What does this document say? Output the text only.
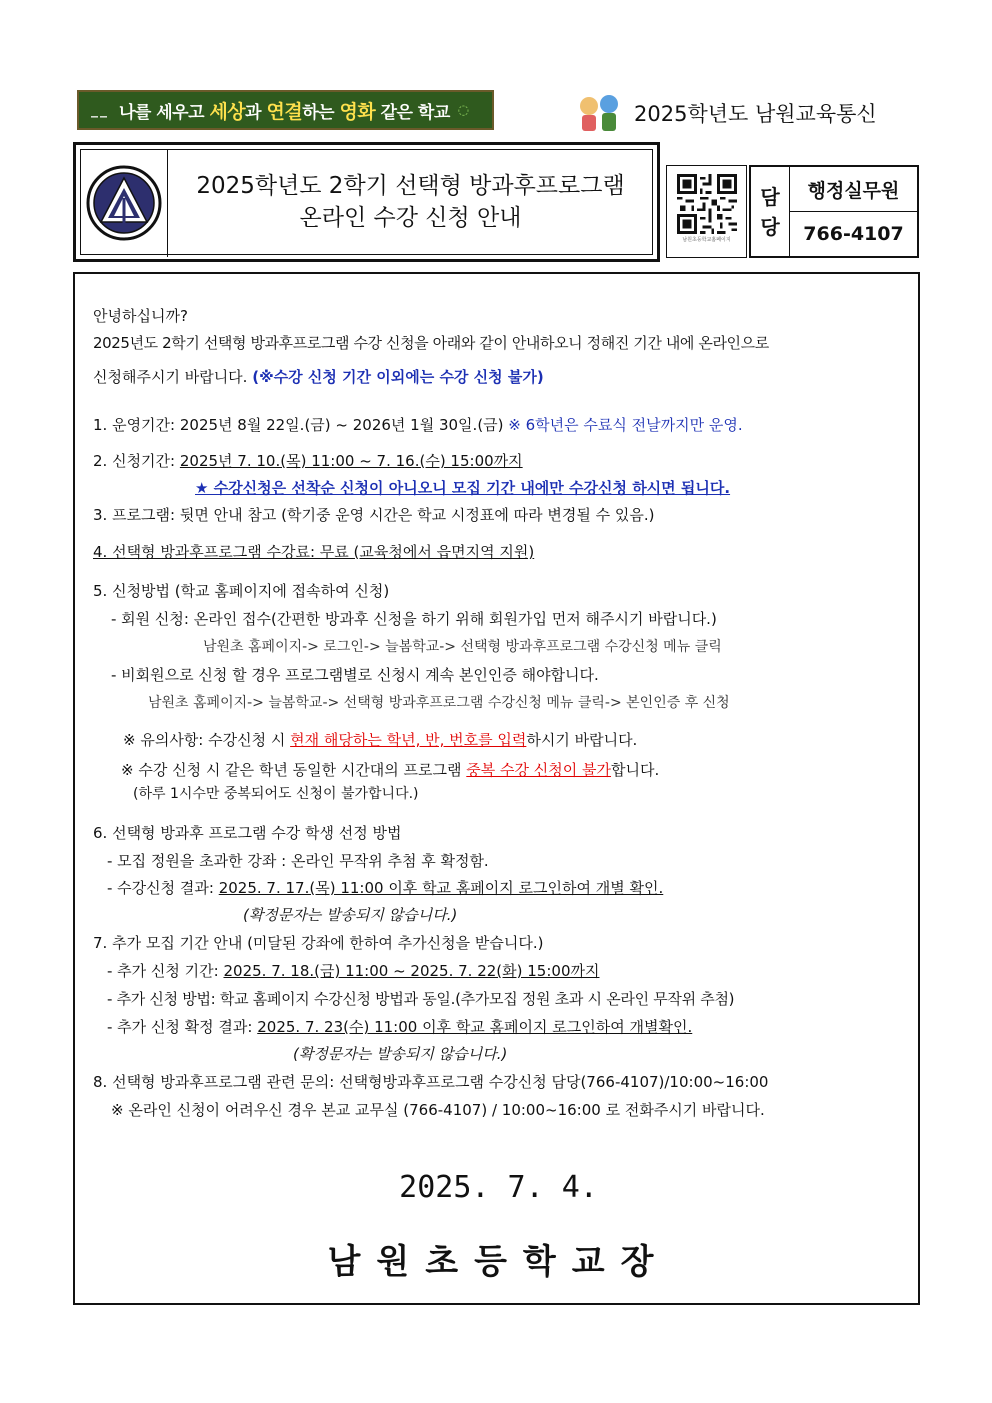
__ 나를 세우고 세상과 연결하는 영화 같은 학교 ◌	2025학년도 남원교육통신
2025학년도 2학기 선택형 방과후프로그램
온라인 수강 신청 안내
남원초등학교홈페이지
담
당
행정실무원
766-4107
안녕하십니까?
2025년도 2학기 선택형 방과후프로그램 수강 신청을 아래와 같이 안내하오니 정해진 기간 내에 온라인으로
신청해주시기 바랍니다. (※수강 신청 기간 이외에는 수강 신청 불가)
1. 운영기간: 2025년 8월 22일.(금) ~ 2026년 1월 30일.(금) ※ 6학년은 수료식 전날까지만 운영.
2. 신청기간: 2025년 7. 10.(목) 11:00 ~ 7. 16.(수) 15:00까지
★ 수강신청은 선착순 신청이 아니오니 모집 기간 내에만 수강신청 하시면 됩니다.
3. 프로그램: 뒷면 안내 참고 (학기중 운영 시간은 학교 시정표에 따라 변경될 수 있음.)
4. 선택형 방과후프로그램 수강료: 무료 (교육청에서 읍면지역 지원)
5. 신청방법 (학교 홈페이지에 접속하여 신청)
- 회원 신청: 온라인 접수(간편한 방과후 신청을 하기 위해 회원가입 먼저 해주시기 바랍니다.)
남원초 홈페이지-> 로그인-> 늘봄학교-> 선택형 방과후프로그램 수강신청 메뉴 클릭
- 비회원으로 신청 할 경우 프로그램별로 신청시 계속 본인인증 해야합니다.
남원초 홈페이지-> 늘봄학교-> 선택형 방과후프로그램 수강신청 메뉴 클릭-> 본인인증 후 신청
※ 유의사항: 수강신청 시 현재 해당하는 학년, 반, 번호를 입력하시기 바랍니다.
※ 수강 신청 시 같은 학년 동일한 시간대의 프로그램 중복 수강 신청이 불가합니다.
(하루 1시수만 중복되어도 신청이 불가합니다.)
6. 선택형 방과후 프로그램 수강 학생 선정 방법
- 모집 정원을 초과한 강좌 : 온라인 무작위 추첨 후 확정함.
- 수강신청 결과: 2025. 7. 17.(목) 11:00 이후 학교 홈페이지 로그인하여 개별 확인.
(확정문자는 발송되지 않습니다.)
7. 추가 모집 기간 안내 (미달된 강좌에 한하여 추가신청을 받습니다.)
- 추가 신청 기간: 2025. 7. 18.(금) 11:00 ~ 2025. 7. 22(화) 15:00까지
- 추가 신청 방법: 학교 홈페이지 수강신청 방법과 동일.(추가모집 정원 초과 시 온라인 무작위 추첨)
- 추가 신청 확정 결과: 2025. 7. 23(수) 11:00 이후 학교 홈페이지 로그인하여 개별확인.
(확정문자는 발송되지 않습니다.)
8. 선택형 방과후프로그램 관련 문의: 선택형방과후프로그램 수강신청 담당(766-4107)/10:00~16:00
※ 온라인 신청이 어려우신 경우 본교 교무실 (766-4107) / 10:00~16:00 로 전화주시기 바랍니다.
2025. 7. 4.
남원초등학교장
